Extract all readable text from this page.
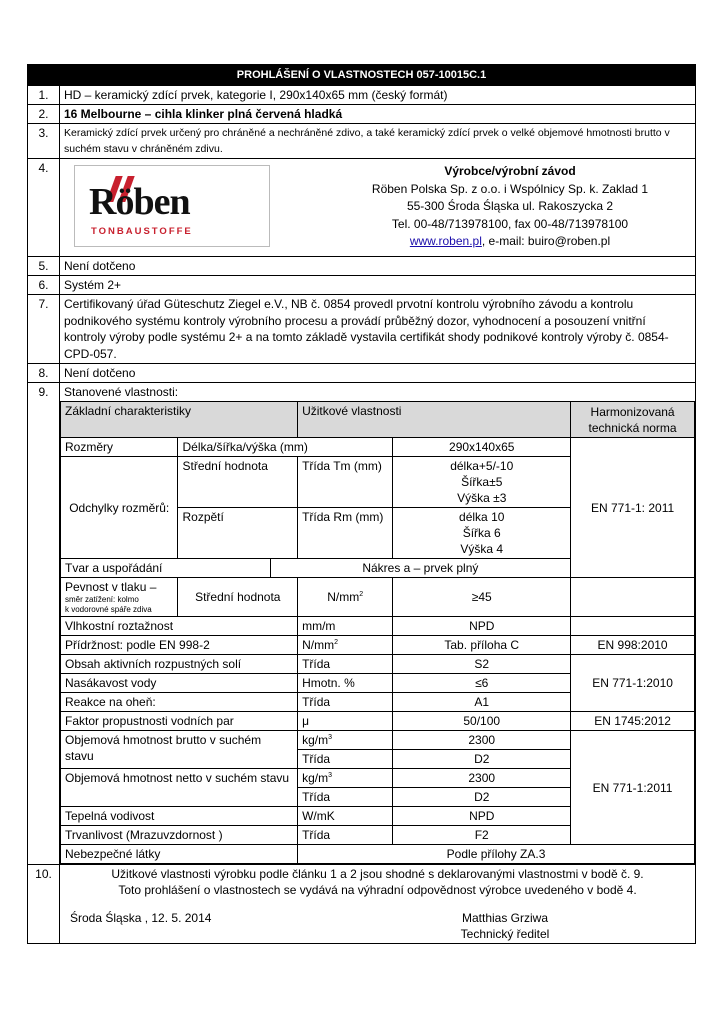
PROHLÁŠENÍ O VLASTNOSTECH 057-10015C.1
1.	HD – keramický zdící prvek, kategorie I, 290x140x65 mm (český formát)
2.	16 Melbourne – cihla klinker plná červená hladká
3.	Keramický zdící prvek určený pro chráněné a nechráněné zdivo, a také keramický zdící prvek o velké objemové hmotnosti brutto v suchém stavu v chráněném zdivu.
4.	
Röben
TONBAUSTOFFE
Výrobce/výrobní závod
Röben Polska Sp. z o.o. i Wspólnicy Sp. k. Zaklad 1
55-300 Środa Śląska ul. Rakoszycka 2
Tel. 00-48/713978100, fax 00-48/713978100
www.roben.pl, e-mail: buiro@roben.pl

5.	Není dotčeno
6.	Systém 2+
7.	Certifikovaný úřad Güteschutz Ziegel e.V., NB č. 0854 provedl prvotní kontrolu výrobního závodu a kontrolu podnikového systému kontroly výrobního procesu a provádí průběžný dozor, vyhodnocení a posouzení vnitřní kontroly výroby podle systému 2+ a na tomto základě vystavila certifikát shody podnikové kontroly výroby č. 0854-CPD-057.
8.	Není dotčeno
9.	Stanovené vlastnosti:
Základní charakteristiky	Užitkové vlastnosti	Harmonizovaná technická norma
Rozměry	Délka/šířka/výška (mm)	290x140x65	EN 771-1: 2011
Odchylky rozměrů:	Střední hodnota	Třída Tm (mm)	délka+5/-10
Šířka±5
Výška ±3

Rozpětí	Třída Rm (mm)	délka 10
Šířka 6
Výška 4

Tvar a uspořádání	Nákres a – prvek plný

Pevnost v tlaku –
směr zatížení: kolmo
k vodorovné spáře zdiva
	Střední hodnota	$N/mm^2$	≥45	
Vlhkostní roztažnost	mm/m	NPD	
Přídržnost: podle EN 998-2	$N/mm^2$	Tab. příloha C	EN 998:2010
Obsah aktivních rozpustných solí	Třída	S2	EN 771-1:2010
Nasákavost vody	Hmotn. %	≤6
Reakce na oheň:	Třída	A1
Faktor propustnosti vodních par	μ	50/100	EN 1745:2012
Objemová hmotnost brutto v suchém stavu	$kg/m^3$	2300	EN 771-1:2011
Třída	D2
Objemová hmotnost netto v suchém stavu	$kg/m^3$	2300
Třída	D2
Tepelná vodivost	W/mK	NPD
Trvanlivost (Mrazuvzdornost )	Třída	F2
Nebezpečné látky	Podle přílohy ZA.3

10.	Užitkové vlastnosti výrobku podle článku 1 a 2 jsou shodné s deklarovanými vlastnostmi v bodě č. 9.
Toto prohlášení o vlastnostech se vydává na výhradní odpovědnost výrobce uvedeného v bodě 4.
Środa Śląska , 12. 5. 2014	Matthias Grziwa
Technický ředitel
